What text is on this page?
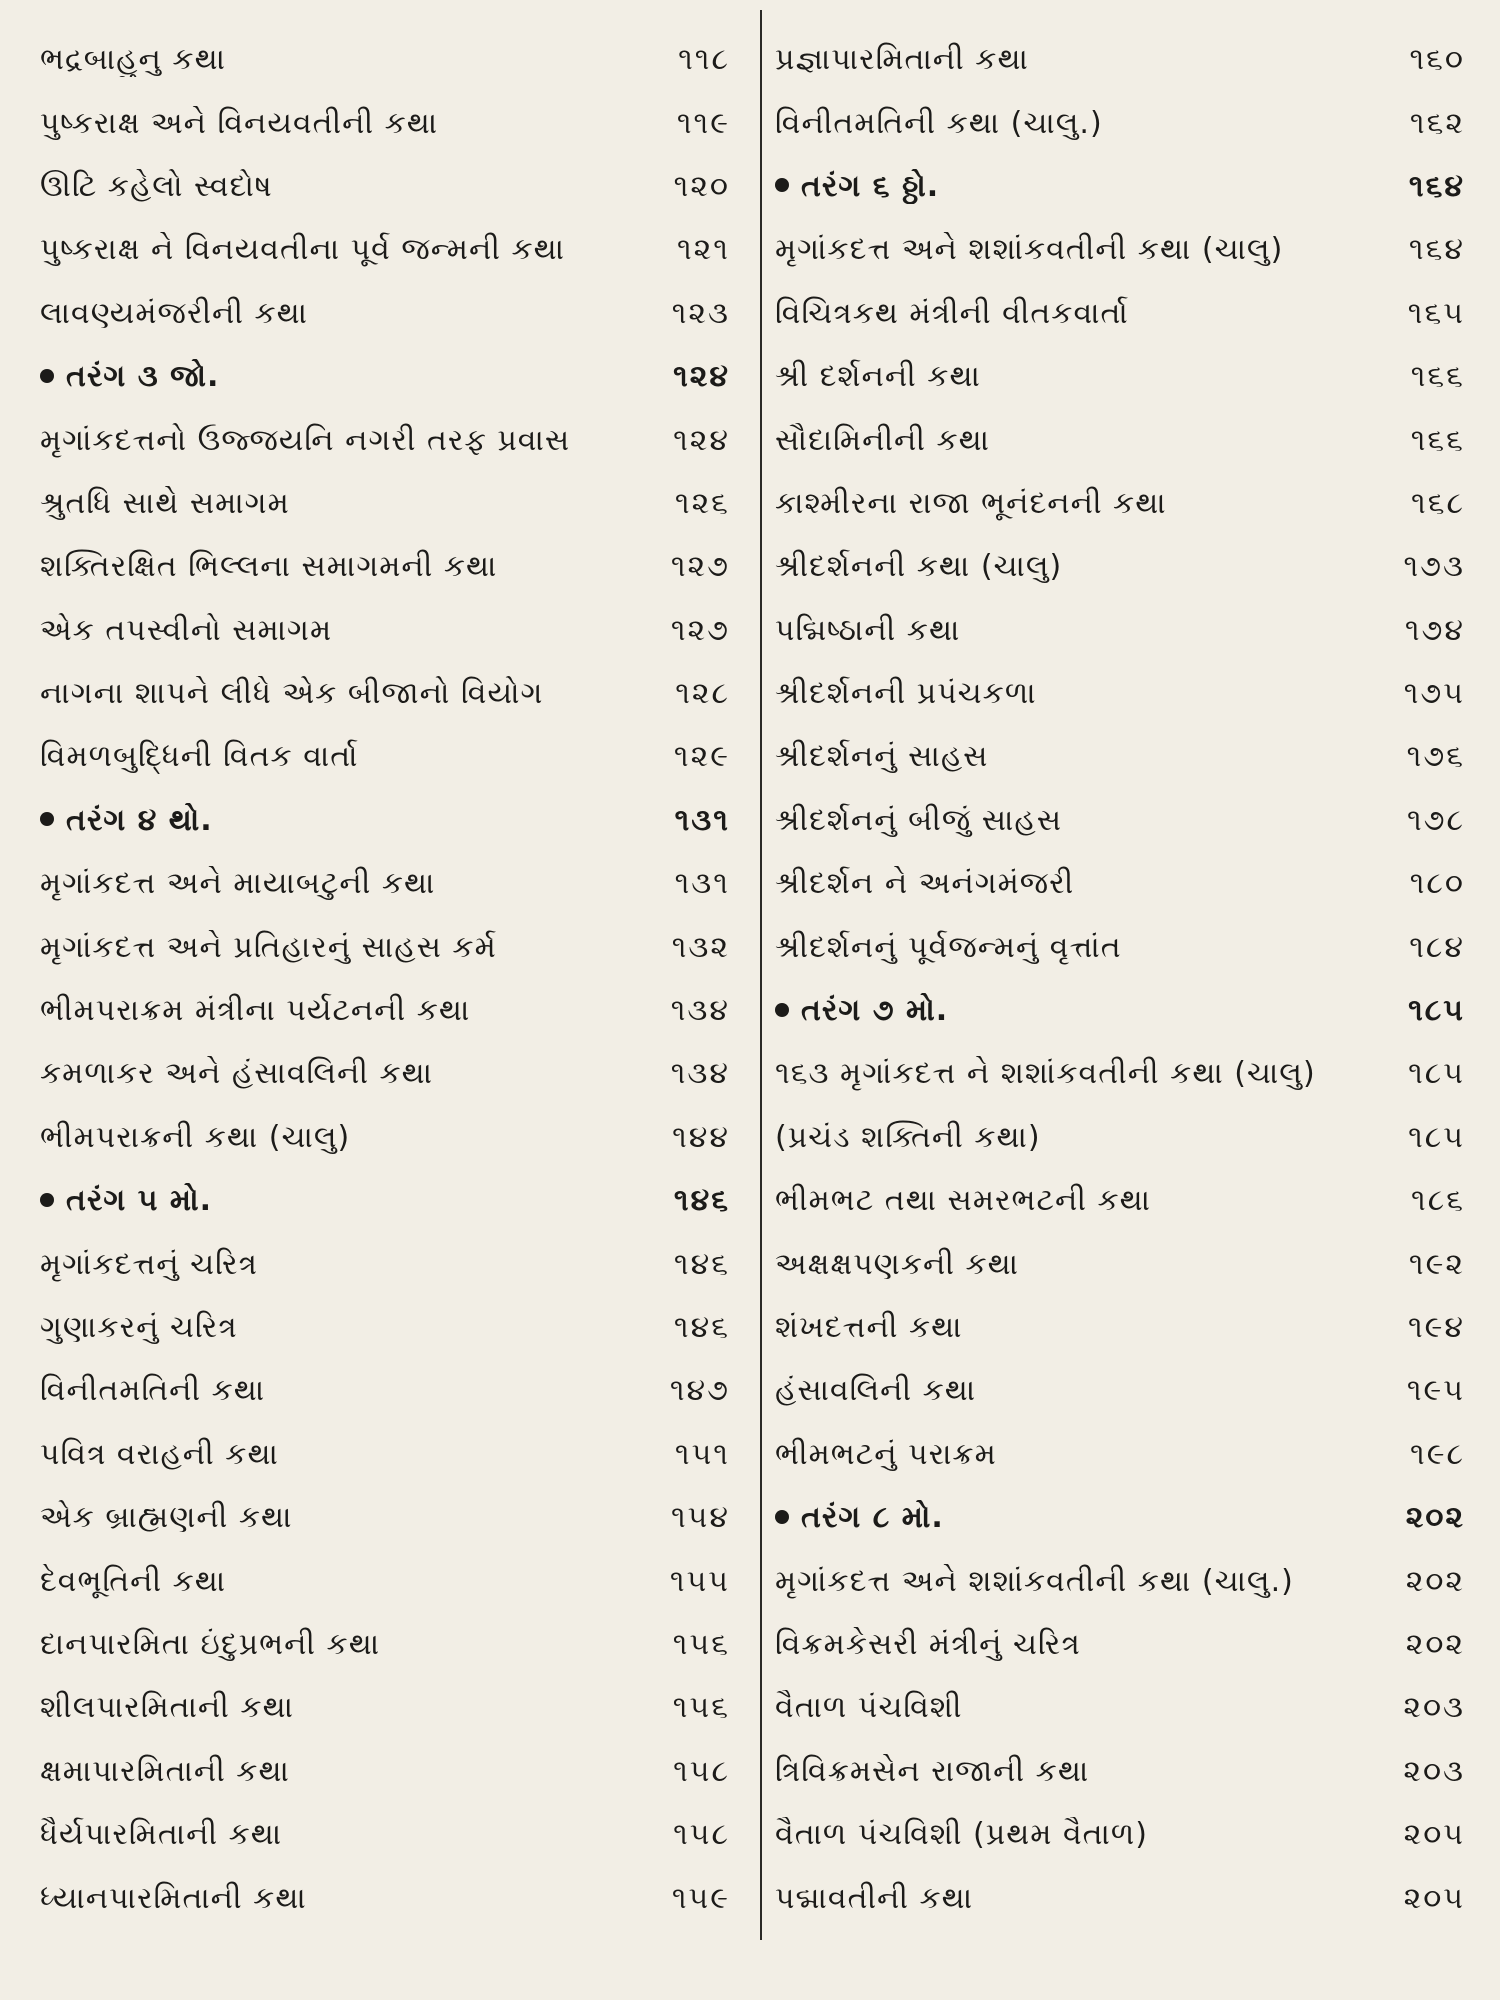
ભદ્રબાહુનુ કથા	૧૧૮
પુષ્કરાક્ષ અને વિનયવતીની કથા	૧૧૯
ઊટિ કહેલો સ્વદોષ	૧૨૦
પુષ્કરાક્ષ ને વિનયવતીના પૂર્વ જન્મની કથા	૧૨૧
લાવણ્યમંજરીની કથા	૧૨૩
તરંગ ૩ જો.	૧૨૪
મૃગાંકદત્તનો ઉજ્જયનિ નગરી તરફ પ્રવાસ	૧૨૪
શ્રુતધિ સાથે સમાગમ	૧૨૬
શક્તિરક્ષિત ભિલ્લના સમાગમની કથા	૧૨૭
એક તપસ્વીનો સમાગમ	૧૨૭
નાગના શાપને લીધે એક બીજાનો વિયોગ	૧૨૮
વિમળબુદ્ધિની વિતક વાર્તા	૧૨૯
તરંગ ૪ થો.	૧૩૧
મૃગાંકદત્ત અને માયાબટુની કથા	૧૩૧
મૃગાંકદત્ત અને પ્રતિહારનું સાહસ કર્મ	૧૩૨
ભીમપરાક્રમ મંત્રીના પર્યટનની કથા	૧૩૪
કમળાકર અને હંસાવલિની કથા	૧૩૪
ભીમપરાક્રની કથા (ચાલુ)	૧૪૪
તરંગ ૫ મો.	૧૪૬
મૃગાંકદત્તનું ચરિત્ર	૧૪૬
ગુણાકરનું ચરિત્ર	૧૪૬
વિનીતમતિની કથા	૧૪૭
પવિત્ર વરાહની કથા	૧૫૧
એક બ્રાહ્મણની કથા	૧૫૪
દેવભૂતિની કથા	૧૫૫
દાનપારમિતા ઇંદુપ્રભની કથા	૧૫૬
શીલપારમિતાની કથા	૧૫૬
ક્ષમાપારમિતાની કથા	૧૫૮
ધૈર્યપારમિતાની કથા	૧૫૮
ધ્યાનપારમિતાની કથા	૧૫૯
પ્રજ્ઞાપારમિતાની કથા	૧૬૦
વિનીતમતિની કથા (ચાલુ.)	૧૬૨
તરંગ ૬ ઠ્ઠો.	૧૬૪
મૃગાંકદત્ત અને શશાંકવતીની કથા (ચાલુ)	૧૬૪
વિચિત્રકથ મંત્રીની વીતકવાર્તા	૧૬૫
શ્રી દર્શનની કથા	૧૬૬
સૌદામિનીની કથા	૧૬૬
કાશ્મીરના રાજા ભૂનંદનની કથા	૧૬૮
શ્રીદર્શનની કથા (ચાલુ)	૧૭૩
પદ્મિષ્ઠાની કથા	૧૭૪
શ્રીદર્શનની પ્રપંચકળા	૧૭૫
શ્રીદર્શનનું સાહસ	૧૭૬
શ્રીદર્શનનું બીજું સાહસ	૧૭૮
શ્રીદર્શન ને અનંગમંજરી	૧૮૦
શ્રીદર્શનનું પૂર્વજન્મનું વૃત્તાંત	૧૮૪
તરંગ ૭ મો.	૧૮૫
૧૬૩ મૃગાંકદત્ત ને શશાંકવતીની કથા (ચાલુ)	૧૮૫
(પ્રચંડ શક્તિની કથા)	૧૮૫
ભીમભટ તથા સમરભટની કથા	૧૮૬
અક્ષક્ષપણકની કથા	૧૯૨
શંખદત્તની કથા	૧૯૪
હંસાવલિની કથા	૧૯૫
ભીમભટનું પરાક્રમ	૧૯૮
તરંગ ૮ મો.	૨૦૨
મૃગાંકદત્ત અને શશાંકવતીની કથા (ચાલુ.)	૨૦૨
વિક્રમકેસરી મંત્રીનું ચરિત્ર	૨૦૨
વૈતાળ પંચવિશી	૨૦૩
ત્રિવિક્રમસેન રાજાની કથા	૨૦૩
વૈતાળ પંચવિશી (પ્રથમ વૈતાળ)	૨૦૫
પદ્માવતીની કથા	૨૦૫
